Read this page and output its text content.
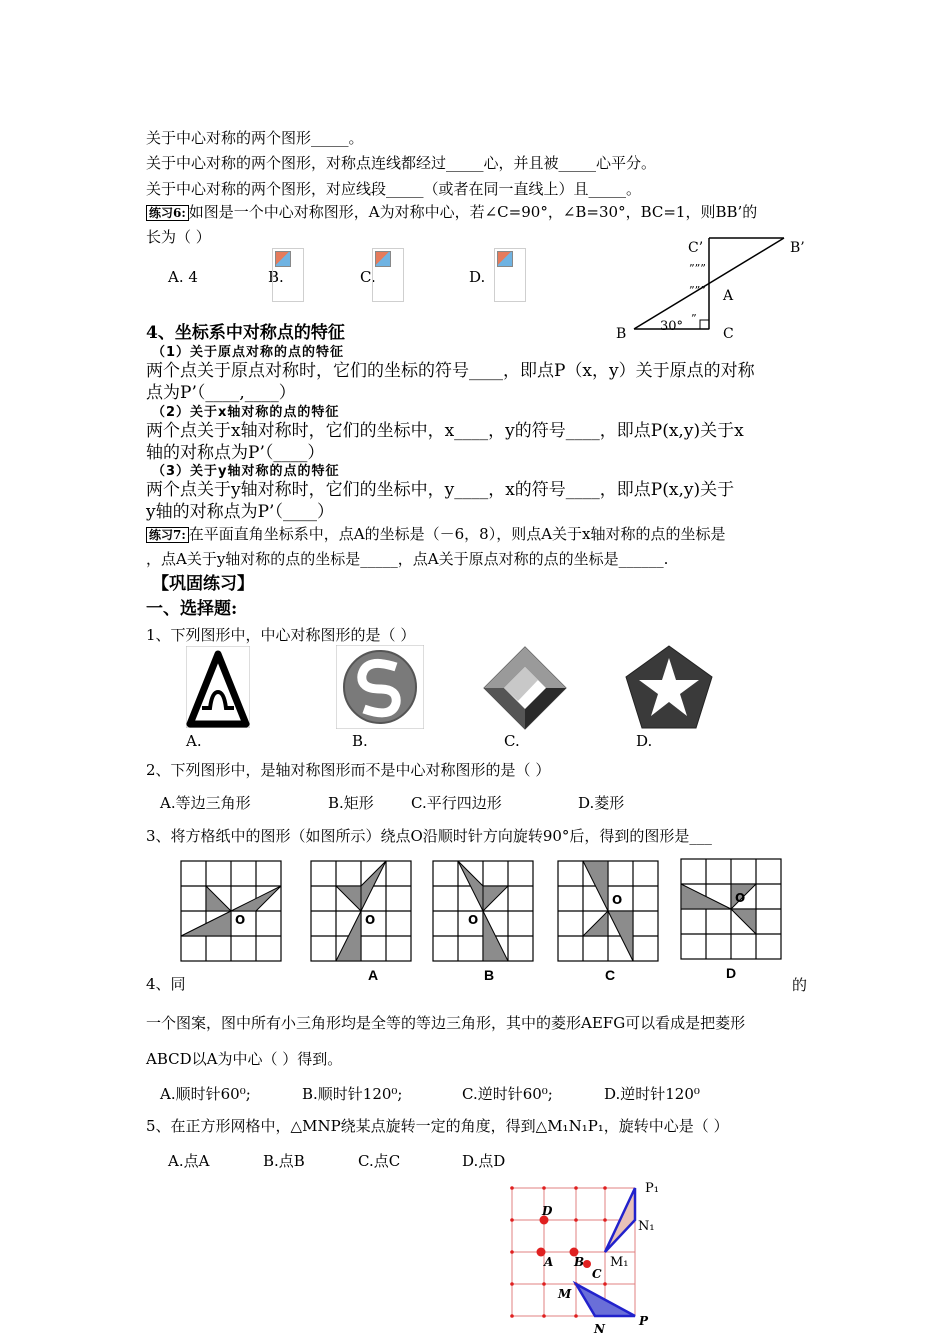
关于中心对称的两个图形_____。
关于中心对称的两个图形，对称点连线都经过_____心，并且被_____心平分。
关于中心对称的两个图形，对应线段_____（或者在同一直线上）且_____。
练习6: 如图是一个中心对称图形，A为对称中心，若∠C=90°，∠B=30°，BC=1，则BB’的
长为（ ）
A. 4	B.	C.	D.
C’	B’
”””
””” A
B	C
30°
”
4、坐标系中对称点的特征
（1）关于原点对称的点的特征
两个点关于原点对称时，它们的坐标的符号____，即点P（x，y）关于原点的对称
点为P’（____,____）
（2）关于x轴对称的点的特征
两个点关于x轴对称时，它们的坐标中，x____，y的符号____，即点P(x,y)关于x
轴的对称点为P’（____）
（3）关于y轴对称的点的特征
两个点关于y轴对称时，它们的坐标中，y____，x的符号____，即点P(x,y)关于
y轴的对称点为P’（____）
练习7: 在平面直角坐标系中，点A的坐标是（－6，8），则点A关于x轴对称的点的坐标是
，点A关于y轴对称的点的坐标是_____，点A关于原点对称的点的坐标是______.
【巩固练习】
一、选择题:
1、下列图形中，中心对称图形的是（ ）
A.	B.	C.	D.
2、下列图形中，是轴对称图形而不是中心对称图形的是（ ）
A.等边三角形	B.矩形 C.平行四边形	D.菱形
3、将方格纸中的图形（如图所示）绕点O沿顺时针方向旋转90°后，得到的图形是___
O	O	O
O	O
A	B	C	D
4、同	的
一个图案，图中所有小三角形均是全等的等边三角形，其中的菱形AEFG可以看成是把菱形
ABCD以A为中心（ ）得到。
A.顺时针60⁰;	B.顺时针120⁰;	C.逆时针60⁰;	D.逆时针120⁰
5、在正方形网格中，△MNP绕某点旋转一定的角度，得到△M₁N₁P₁，旋转中心是（ ）
A.点A	B.点B	C.点C	D.点D
P₁
N₁
M₁
D
A B
C
M
N
P
